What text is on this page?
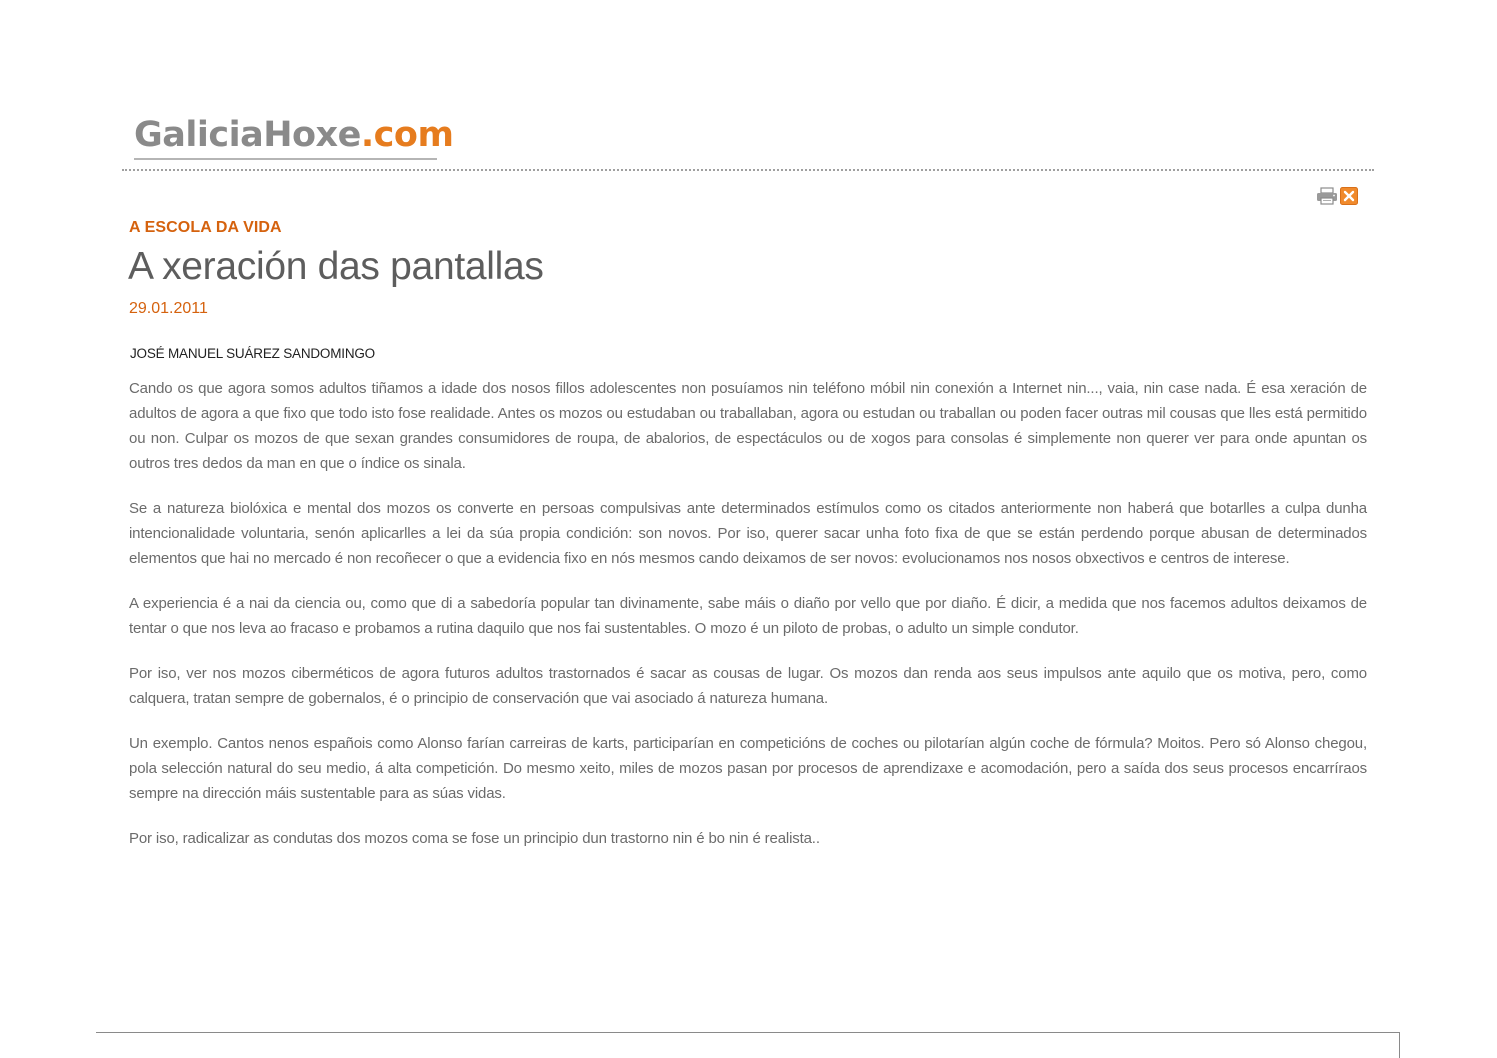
GaliciaHoxe.com
A ESCOLA DA VIDA
A xeración das pantallas
29.01.2011
JOSÉ MANUEL SUÁREZ SANDOMINGO

Cando os que agora somos adultos tiñamos a idade dos nosos fillos adolescentes non posuíamos nin teléfono móbil nin conexión a Internet nin..., vaia, nin case nada. É esa xeración de adultos de agora a que fixo que todo isto fose realidade. Antes os mozos ou estudaban ou traballaban, agora ou estudan ou traballan ou poden facer outras mil cousas que lles está permitido ou non. Culpar os mozos de que sexan grandes consumidores de roupa, de abalorios, de espectáculos ou de xogos para consolas é simplemente non querer ver para onde apuntan os outros tres dedos da man en que o índice os sinala.

Se a natureza biolóxica e mental dos mozos os converte en persoas compulsivas ante determinados estímulos como os citados anteriormente non haberá que botarlles a culpa dunha intencionalidade voluntaria, senón aplicarlles a lei da súa propia condición: son novos. Por iso, querer sacar unha foto fixa de que se están perdendo porque abusan de determinados elementos que hai no mercado é non recoñecer o que a evidencia fixo en nós mesmos cando deixamos de ser novos: evolucionamos nos nosos obxectivos e centros de interese.

A experiencia é a nai da ciencia ou, como que di a sabedoría popular tan divinamente, sabe máis o diaño por vello que por diaño. É dicir, a medida que nos facemos adultos deixamos de tentar o que nos leva ao fracaso e probamos a rutina daquilo que nos fai sustentables. O mozo é un piloto de probas, o adulto un simple condutor.

Por iso, ver nos mozos ciberméticos de agora futuros adultos trastornados é sacar as cousas de lugar. Os mozos dan renda aos seus impulsos ante aquilo que os motiva, pero, como calquera, tratan sempre de gobernalos, é o principio de conservación que vai asociado á natureza humana.

Un exemplo. Cantos nenos españois como Alonso farían carreiras de karts, participarían en competicións de coches ou pilotarían algún coche de fórmula? Moitos. Pero só Alonso chegou, pola selección natural do seu medio, á alta competición. Do mesmo xeito, miles de mozos pasan por procesos de aprendizaxe e acomodación, pero a saída dos seus procesos encarríraos sempre na dirección máis sustentable para as súas vidas.

Por iso, radicalizar as condutas dos mozos coma se fose un principio dun trastorno nin é bo nin é realista..
